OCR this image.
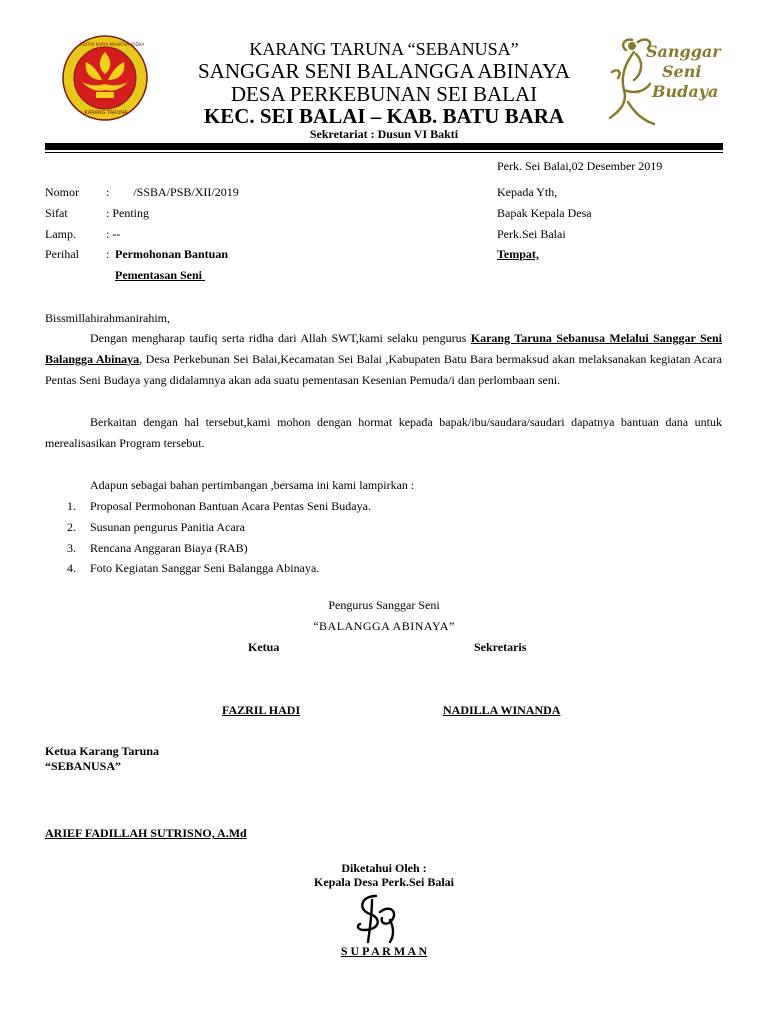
ADITYA KARYA MAHATVA YODHA
KARANG TARUNA
Sanggar
Seni
Budaya
KARANG TARUNA “SEBANUSA”
SANGGAR SENI BALANGGA ABINAYA
DESA PERKEBUNAN SEI BALAI
KEC. SEI BALAI – KAB. BATU BARA
Sekretariat : Dusun VI Bakti
Perk. Sei Balai,02 Desember 2019
Nomor :        /SSBA/PSB/XII/2019
Sifat	: Penting
Lamp.	: --
Perihal : Permohonan Bantuan
Pementasan Seni
Kepada Yth,
Bapak Kepala Desa
Perk.Sei Balai
Tempat,
Bissmillahirahmanirahim,
Dengan mengharap taufiq serta ridha dari Allah SWT,kami selaku pengurus Karang Taruna Sebanusa Melalui Sanggar Seni Balangga Abinaya, Desa Perkebunan Sei Balai,Kecamatan Sei Balai ,Kabupaten Batu Bara bermaksud akan melaksanakan kegiatan Acara Pentas Seni Budaya yang didalamnya akan ada suatu pementasan Kesenian Pemuda/i dan perlombaan seni.
Berkaitan dengan hal tersebut,kami mohon dengan hormat kepada bapak/ibu/saudara/saudari dapatnya bantuan dana untuk merealisasikan Program tersebut.
Adapun sebagai bahan pertimbangan ,bersama ini kami lampirkan :
1. Proposal Permohonan Bantuan Acara Pentas Seni Budaya.
2. Susunan pengurus Panitia Acara
3. Rencana Anggaran Biaya (RAB)
4. Foto Kegiatan Sanggar Seni Balangga Abinaya.
Pengurus Sanggar Seni
“BALANGGA ABINAYA”
Ketua	Sekretaris
FAZRIL HADI	NADILLA WINANDA
Ketua Karang Taruna
“SEBANUSA”
ARIEF FADILLAH SUTRISNO, A.Md
Diketahui Oleh :
Kepala Desa Perk.Sei Balai
S U P A R M A N
